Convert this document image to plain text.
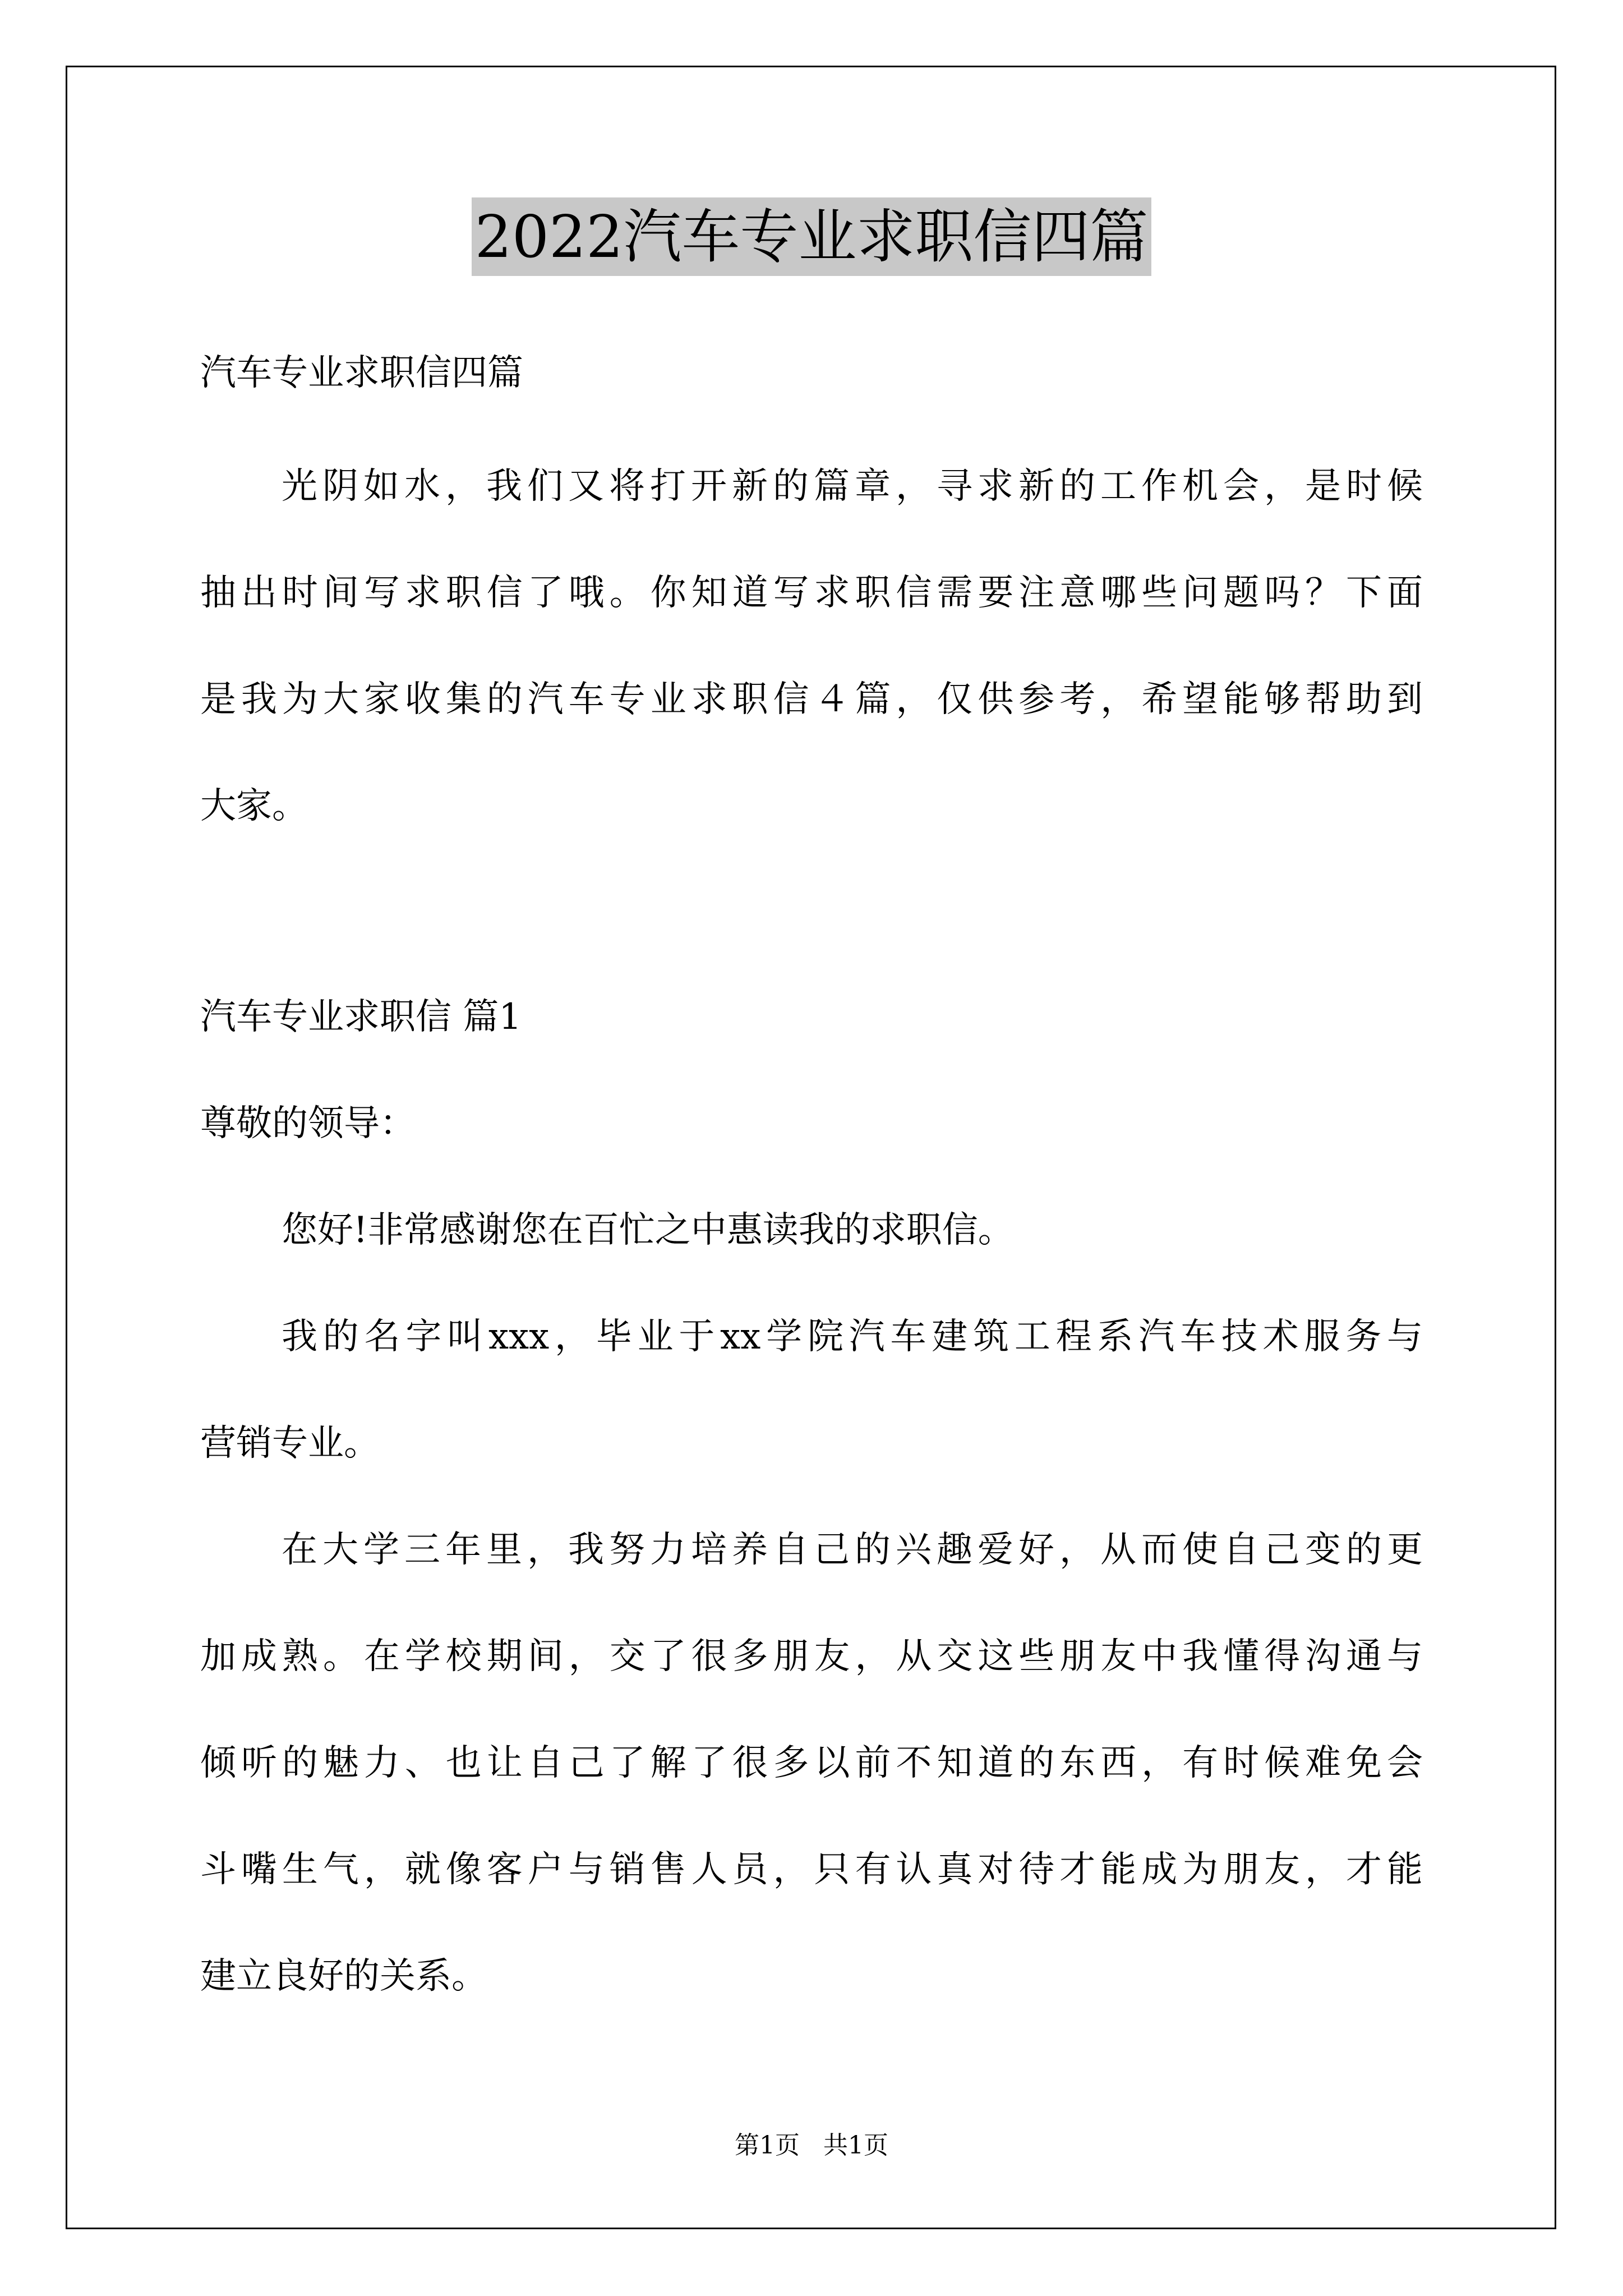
2022汽车专业求职信四篇
汽车专业求职信四篇
光阴如水，我们又将打开新的篇章，寻求新的工作机会，是时候
抽出时间写求职信了哦。你知道写求职信需要注意哪些问题吗？下面
是我为大家收集的汽车专业求职信４篇，仅供参考，希望能够帮助到
大家。
汽车专业求职信 篇1
尊敬的领导：
您好!非常感谢您在百忙之中惠读我的求职信。
我的名字叫xxx，毕业于xx学院汽车建筑工程系汽车技术服务与
营销专业。
在大学三年里，我努力培养自己的兴趣爱好，从而使自己变的更
加成熟。在学校期间，交了很多朋友，从交这些朋友中我懂得沟通与
倾听的魅力、也让自己了解了很多以前不知道的东西，有时候难免会
斗嘴生气，就像客户与销售人员，只有认真对待才能成为朋友，才能
建立良好的关系。
第1页   共1页
